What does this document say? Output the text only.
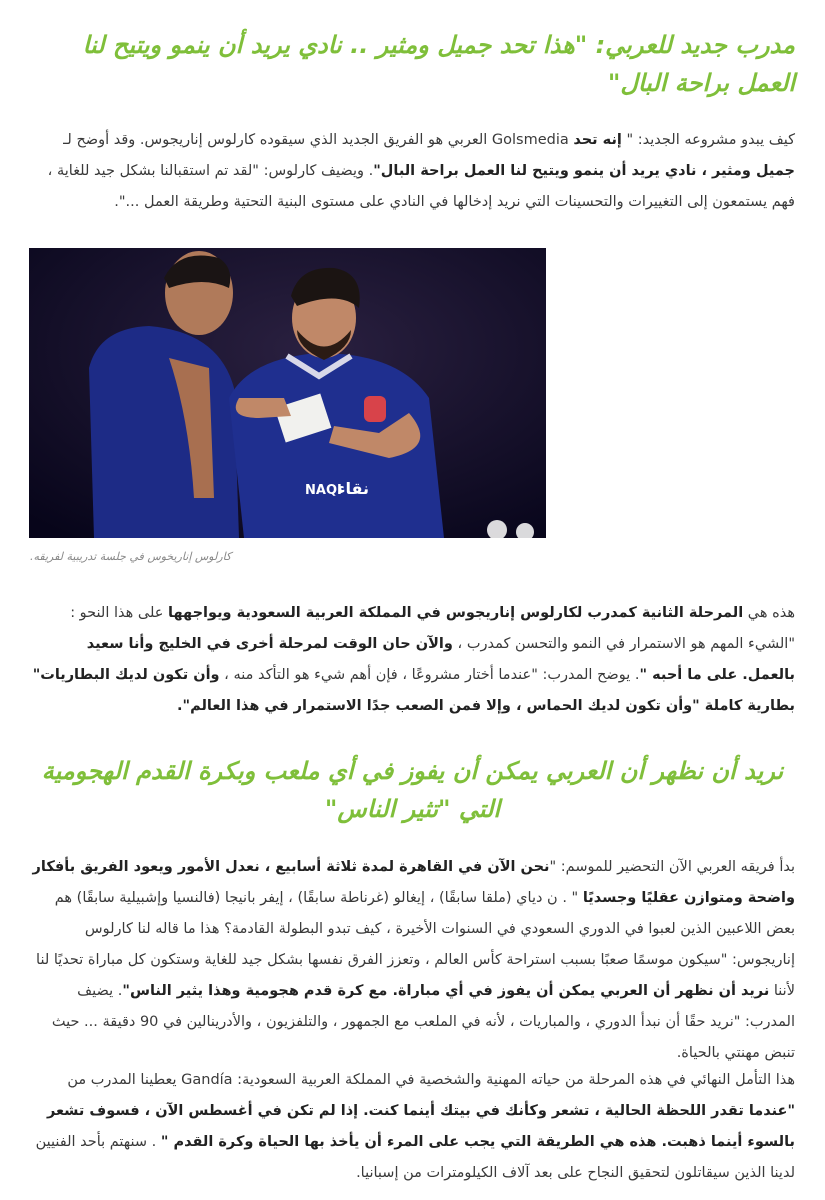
مدرب جديد للعربي: "هذا تحد جميل ومثير .. نادي يريد أن ينمو ويتيح لنا العمل براحة البال"

كيف يبدو مشروعه الجديد: " إنه تحد Golsmedia العربي هو الفريق الجديد الذي سيقوده كارلوس إناريجوس. وقد أوضح لـ جميل ومثير ، نادي يريد أن ينمو ويتيح لنا العمل براحة البال". ويضيف كارلوس: "لقد تم استقبالنا بشكل جيد للغاية ، فهم يستمعون إلى التغييرات والتحسينات التي نريد إدخالها في النادي على مستوى البنية التحتية وطريقة العمل ...".

NAQI
نقاء
كارلوس إناريخوس في جلسة تدريبية لفريقه.

هذه هي المرحلة الثانية كمدرب لكارلوس إناريجوس في المملكة العربية السعودية ويواجهها على هذا النحو : "الشيء المهم هو الاستمرار في النمو والتحسن كمدرب ، والآن حان الوقت لمرحلة أخرى في الخليج وأنا سعيد بالعمل. على ما أحبه ". يوضح المدرب: "عندما أختار مشروعًا ، فإن أهم شيء هو التأكد منه ، وأن تكون لديك البطاريات" بطارية كاملة "وأن تكون لديك الحماس ، وإلا فمن الصعب جدًا الاستمرار في هذا العالم".

نريد أن نظهر أن العربي يمكن أن يفوز في أي ملعب وبكرة القدم الهجومية التي "تثير الناس"

بدأ فريقه العربي الآن التحضير للموسم: "نحن الآن في القاهرة لمدة ثلاثة أسابيع ، نعدل الأمور ويعود الفريق بأفكار واضحة ومتوازن عقليًا وجسديًا " . ن دياي (ملقا سابقًا) ، إيغالو (غرناطة سابقًا) ، إيفر بانيجا (فالنسيا وإشبيلية سابقًا) هم بعض اللاعبين الذين لعبوا في الدوري السعودي في السنوات الأخيرة ، كيف تبدو البطولة القادمة؟ هذا ما قاله لنا كارلوس إناريجوس: "سيكون موسمًا صعبًا بسبب استراحة كأس العالم ، وتعزز الفرق نفسها بشكل جيد للغاية وستكون كل مباراة تحديًا لنا لأننا نريد أن نظهر أن العربي يمكن أن يفوز في أي مباراة. مع كرة قدم هجومية وهذا يثير الناس". يضيف المدرب: "نريد حقًا أن نبدأ الدوري ، والمباريات ، لأنه في الملعب مع الجمهور ، والتلفزيون ، والأدرينالين في 90 دقيقة ... حيث تنبض مهنتي بالحياة.

هذا التأمل النهائي في هذه المرحلة من حياته المهنية والشخصية في المملكة العربية السعودية: Gandía يعطينا المدرب من "عندما تقدر اللحظة الحالية ، تشعر وكأنك في بيتك أينما كنت. إذا لم تكن في أغسطس الآن ، فسوف تشعر بالسوء أينما ذهبت. هذه هي الطريقة التي يجب على المرء أن يأخذ بها الحياة وكرة القدم " . سنهتم بأحد الفنيين لدينا الذين سيقاتلون لتحقيق النجاح على بعد آلاف الكيلومترات من إسبانيا.
